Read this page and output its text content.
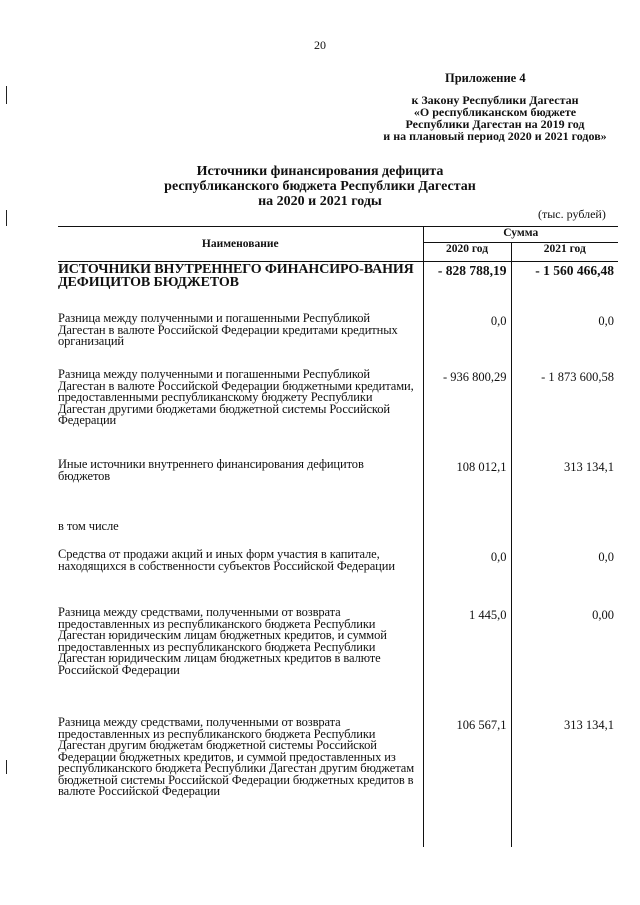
20
Приложение 4
к Закону Республики Дагестан
«О республиканском бюджете
Республики Дагестан на 2019 год
и на плановый период 2020 и 2021 годов»
Источники финансирования дефицита
республиканского бюджета Республики Дагестан
на 2020 и 2021 годы
(тыс. рублей)
Наименование	Сумма	
	2020 год	2021 год

ИСТОЧНИКИ ВНУТРЕННЕГО ФИНАНСИРО-ВАНИЯ ДЕФИЦИТОВ БЮДЖЕТОВ	- 828 788,19	- 1 560 466,48
Разница между полученными и погашенными Республикой Дагестан в валюте Российской Федерации кредитами кредитных организаций	0,0	0,0
Разница между полученными и погашенными Республикой Дагестан в валюте Российской Федерации бюджетными кредитами, предоставленными республиканскому бюджету Республики Дагестан другими бюджетами бюджетной системы Российской Федерации	- 936 800,29	- 1 873 600,58
Иные источники внутреннего финансирования дефицитов бюджетов	108 012,1	313 134,1
в том числе		
Средства от продажи акций и иных форм участия в капитале, находящихся в собственности субъектов Российской Федерации	0,0	0,0
Разница между средствами, полученными от возврата предоставленных из республиканского бюджета Республики Дагестан юридическим лицам бюджетных кредитов, и суммой предоставленных из республиканского бюджета Республики Дагестан юридическим лицам бюджетных кредитов в валюте Российской Федерации	1 445,0	0,00
Разница между средствами, полученными от возврата предоставленных из республиканского бюджета Республики Дагестан другим бюджетам бюджетной системы Российской Федерации бюджетных кредитов, и суммой предоставленных из республиканского бюджета Республики Дагестан другим бюджетам бюджетной системы Российской Федерации бюджетных кредитов в валюте Российской Федерации	106 567,1	313 134,1
